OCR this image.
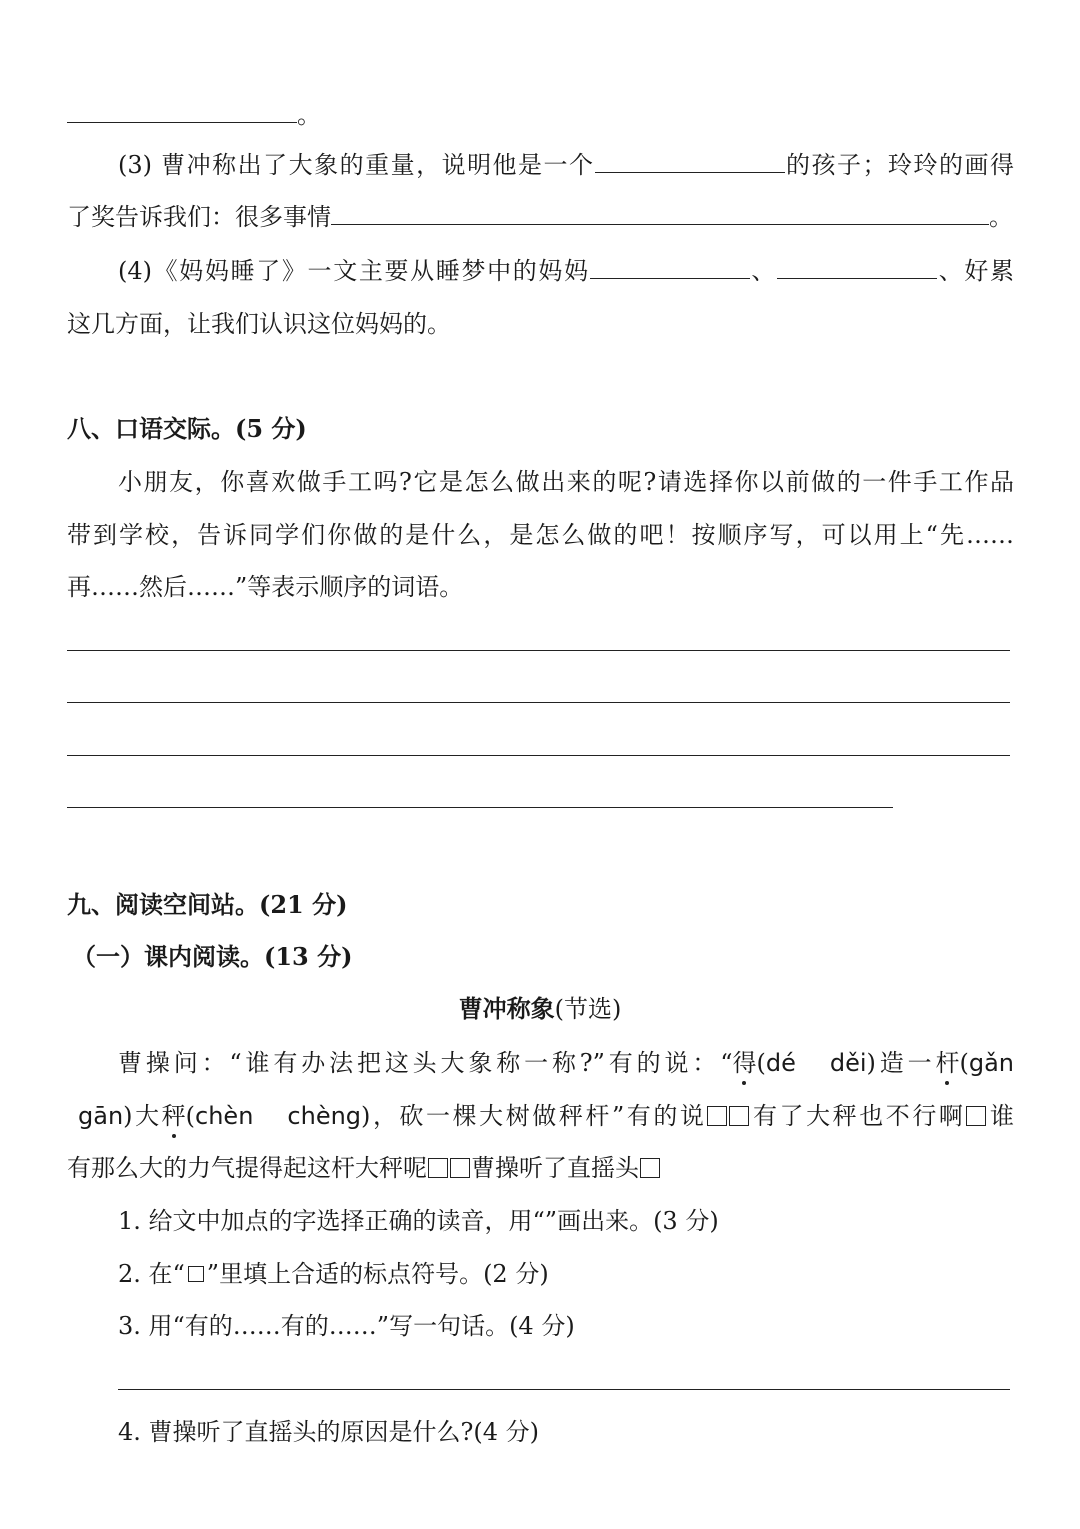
。
(3) 曹冲称出了大象的重量，说明他是一个	的孩子；玲玲的画得
了奖告诉我们：很多事情	。
(4)《妈妈睡了》一文主要从睡梦中的妈妈	、	、好累
这几方面，让我们认识这位妈妈的。
八、口语交际。(5 分)
小朋友，你喜欢做手工吗?它是怎么做出来的呢?请选择你以前做的一件手工作品
带到学校，告诉同学们你做的是什么，是怎么做的吧！按顺序写，可以用上“先……
再……然后……”等表示顺序的词语。
九、阅读空间站。(21 分)
（一）课内阅读。(13 分)
曹冲称象(节选)
曹操问：“谁有办法把这头大象称一称?”有的说：“得(dé děi)造一杆(gǎn
gān)大秤(chèn chèng)，砍一棵大树做秤杆”有的说 有了大秤也不行啊 谁
有那么大的力气提得起这杆大秤呢 曹操听了直摇头
1. 给文中加点的字选择正确的读音，用“”画出来。(3 分)
2. 在“ ”里填上合适的标点符号。(2 分)
3. 用“有的……有的……”写一句话。(4 分)
4. 曹操听了直摇头的原因是什么?(4 分)
